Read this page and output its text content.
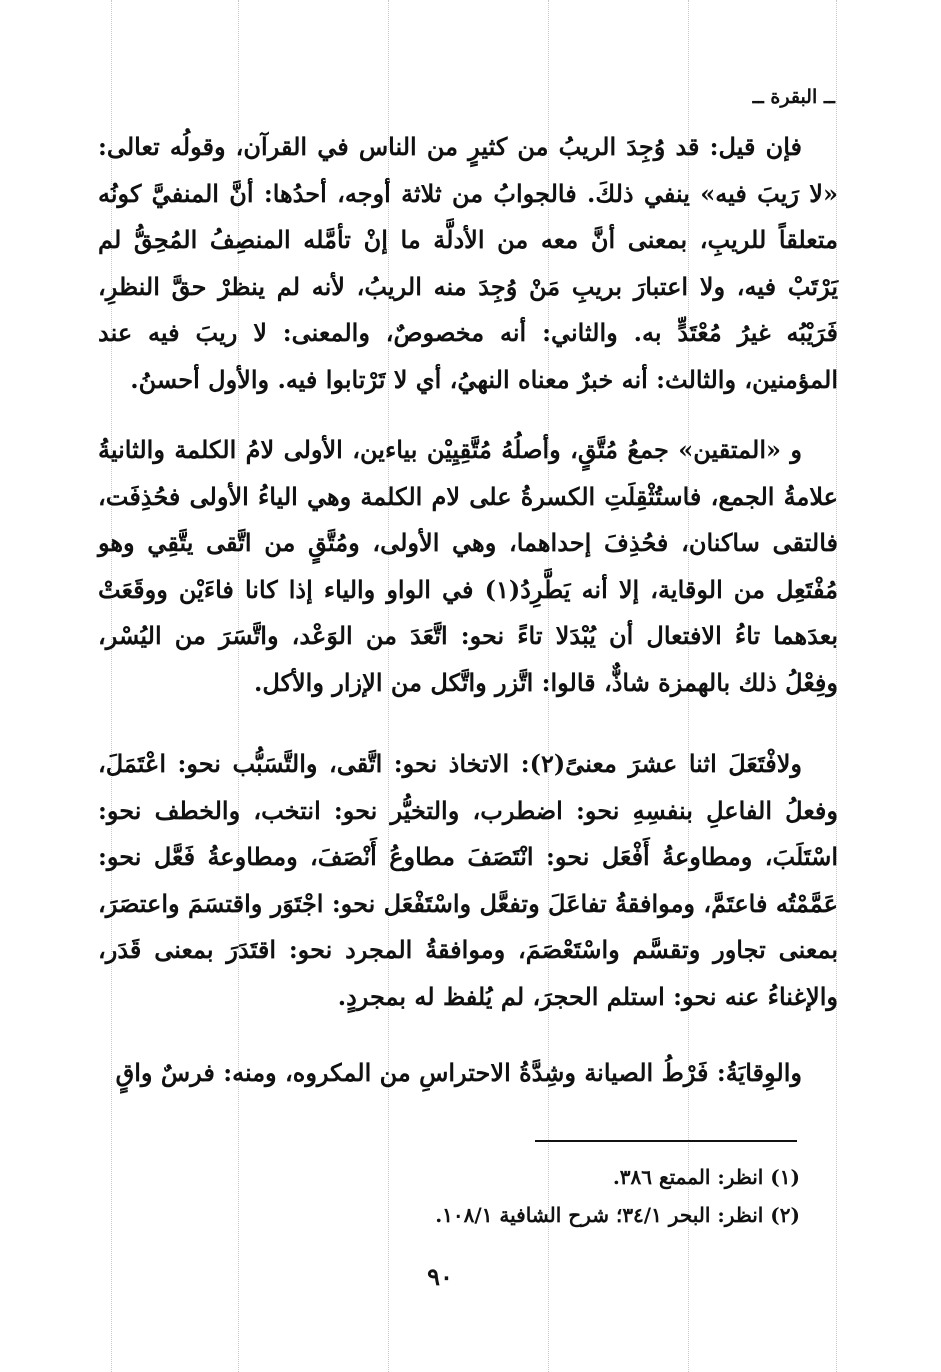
ــ البقرة ــ

فإن قيل: قد وُجِدَ الريبُ من كثيرٍ من الناس في القرآن، وقولُه تعالى: «لا رَيبَ فيه» ينفي ذلكَ. فالجوابُ من ثلاثة أوجه، أحدُها: أنَّ المنفيَّ كونُه متعلقاً للريبِ، بمعنى أنَّ معه من الأدلَّة ما إنْ تأمَّله المنصِفُ المُحِقُّ لم يَرْتَبْ فيه، ولا اعتبارَ بريبِ مَنْ وُجِدَ منه الريبُ، لأنه لم ينظرْ حقَّ النظرِ، فَرَيْبُه غيرُ مُعْتَدٍّ به. والثاني: أنه مخصوصٌ، والمعنى: لا ريبَ فيه عند المؤمنين، والثالث: أنه خبرٌ معناه النهيُ، أي لا تَرْتابوا فيه. والأول أحسنُ.

و «المتقين» جمعُ مُتَّقٍ، وأصلُهُ مُتَّقِيِيْن بياءين، الأولى لامُ الكلمة والثانيةُ علامةُ الجمع، فاستُثْقِلَتِ الكسرةُ على لام الكلمة وهي الياءُ الأولى فحُذِفَت، فالتقى ساكنان، فحُذِفَ إحداهما، وهي الأولى، ومُتَّقٍ من اتَّقى يتَّقِي وهو مُفْتَعِل من الوقاية، إلا أنه يَطَّرِدُ(١) في الواو والياء إذا كانا فاءَيْن ووقَعَتْ بعدَهما تاءُ الافتعال أن يُبْدَلا تاءً نحو: اتَّعَدَ من الوَعْد، واتَّسَرَ من اليُسْر، وفِعْلُ ذلك بالهمزة شاذٌّ، قالوا: اتَّزر واتَّكل من الإزار والأكل.

ولافْتَعَلَ اثنا عشرَ معنىً(٢): الاتخاذ نحو: اتَّقى، والتَّسَبُّب نحو: اعْتَمَلَ، وفعلُ الفاعلِ بنفسِهِ نحو: اضطرب، والتخيُّر نحو: انتخب، والخطف نحو: اسْتَلَبَ، ومطاوعةُ أَفْعَل نحو: انْتَصَفَ مطاوعُ أَنْصَفَ، ومطاوعةُ فَعَّل نحو: عَمَّمْتُه فاعتَمَّ، وموافقةُ تفاعَلَ وتفعَّل واسْتَفْعَل نحو: اجْتَوَر واقتسَمَ واعتصَرَ، بمعنى تجاور وتقسَّم واسْتَعْصَمَ، وموافقةُ المجرد نحو: اقتَدَرَ بمعنى قَدَر، والإغناءُ عنه نحو: استلم الحجرَ، لم يُلفظ له بمجردٍ.

والوِقايَةُ: فَرْطُ الصيانة وشِدَّةُ الاحتراسِ من المكروه، ومنه: فرسٌ واقٍ

(١) انظر: الممتع ٣٨٦.
(٢) انظر: البحر ٣٤/١؛ شرح الشافية ١٠٨/١.
٩٠
